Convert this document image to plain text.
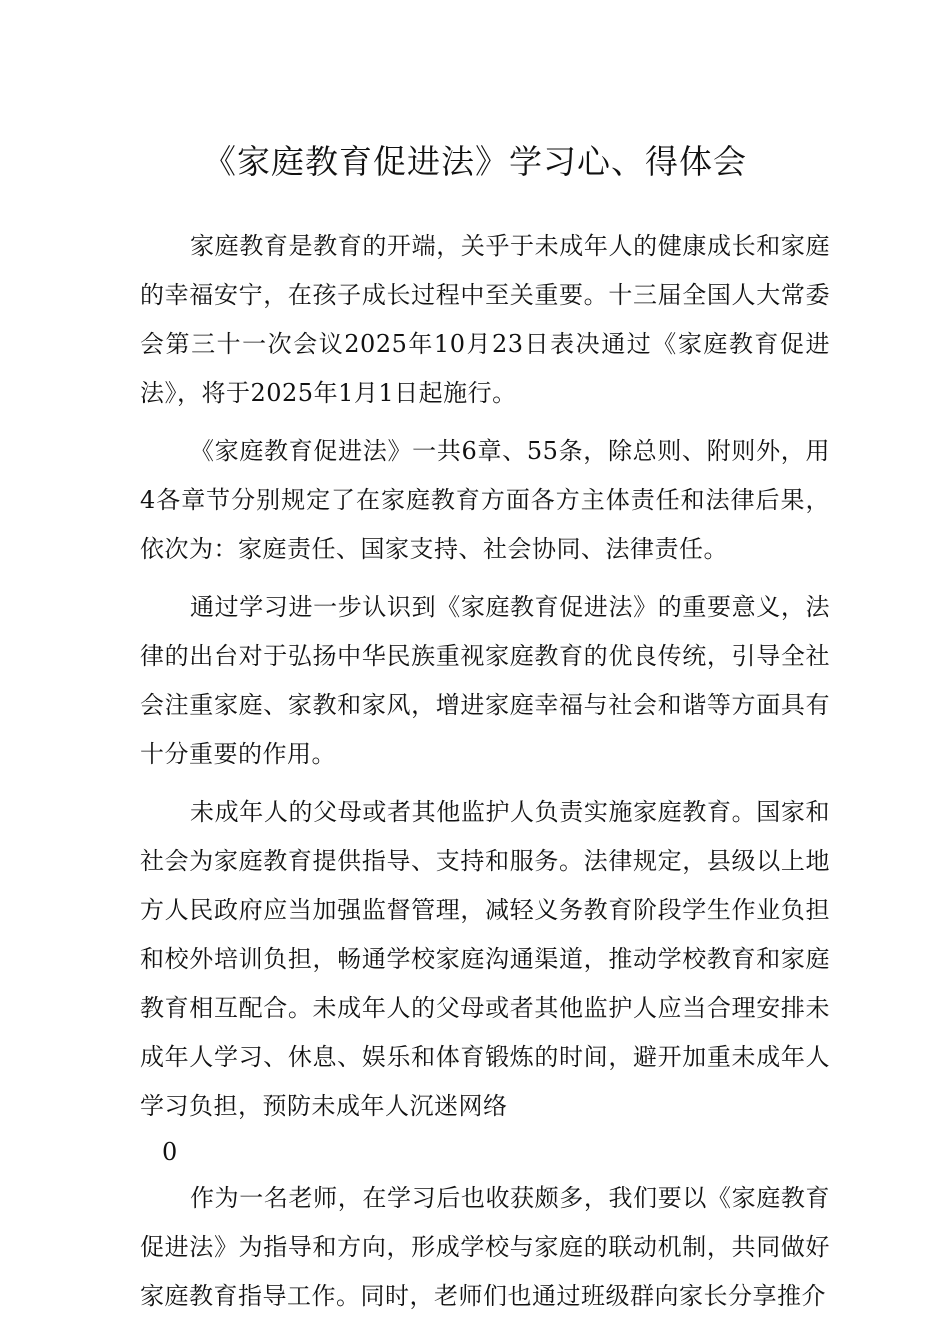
《家庭教育促进法》学习心、得体会

家庭教育是教育的开端，关乎于未成年人的健康成长和家庭的幸福安宁，在孩子成长过程中至关重要。十三届全国人大常委会第三十一次会议2025年10月23日表决通过《家庭教育促进法》，将于2025年1月1日起施行。

《家庭教育促进法》一共6章、55条，除总则、附则外，用4各章节分别规定了在家庭教育方面各方主体责任和法律后果，依次为：家庭责任、国家支持、社会协同、法律责任。

通过学习进一步认识到《家庭教育促进法》的重要意义，法律的出台对于弘扬中华民族重视家庭教育的优良传统，引导全社会注重家庭、家教和家风，增进家庭幸福与社会和谐等方面具有十分重要的作用。

未成年人的父母或者其他监护人负责实施家庭教育。国家和社会为家庭教育提供指导、支持和服务。法律规定，县级以上地方人民政府应当加强监督管理，减轻义务教育阶段学生作业负担和校外培训负担，畅通学校家庭沟通渠道，推动学校教育和家庭教育相互配合。未成年人的父母或者其他监护人应当合理安排未成年人学习、休息、娱乐和体育锻炼的时间，避开加重未成年人学习负担，预防未成年人沉迷网络

0

作为一名老师，在学习后也收获颇多，我们要以《家庭教育促进法》为指导和方向，形成学校与家庭的联动机制，共同做好家庭教育指导工作。同时，老师们也通过班级群向家长分享推介
